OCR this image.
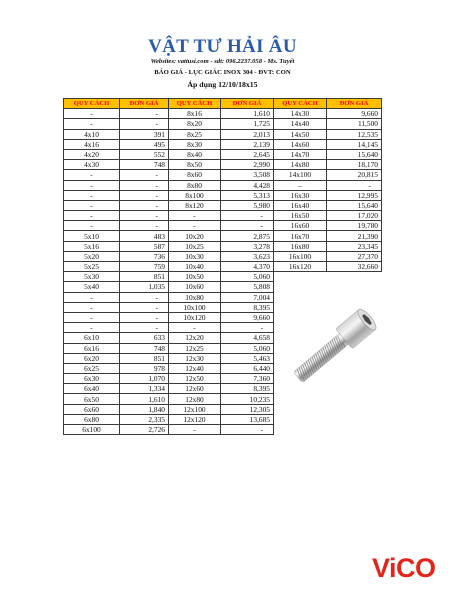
VẬT TƯ HẢI ÂU
Websites: vattusi.com - sdt: 096.2237.058 - Ms. Tuyết
BÁO GIÁ - LỤC GIÁC INOX 304 - ĐVT: CON
Áp dụng 12/10/18x15
QUY CÁCH	ĐƠN GIÁ	QUY CÁCH	ĐƠN GIÁ	QUY CÁCH	ĐƠN GIÁ
-	-	8x16	1,610	14x30	9,660
-	-	8x20	1,725	14x40	11,500
4x10	391	8x25	2,013	14x50	12,535
4x16	495	8x30	2,139	14x60	14,145
4x20	552	8x40	2,645	14x70	15,640
4x30	748	8x50	2,990	14x80	18,170
-	-	8x60	3,508	14x100	20,815
-	-	8x80	4,428	–	-
-	-	8x100	5,313	16x30	12,995
-	-	8x120	5,980	16x40	15,640
-	-	-	-	16x50	17,020
-	-	-	-	16x60	19,780
5x10	483	10x20	2,875	16x70	21,390
5x16	587	10x25	3,278	16x80	23,345
5x20	736	10x30	3,623	16x100	27,370
5x25	759	10x40	4,370	16x120	32,660
5x30	851	10x50	5,060		
5x40	1,035	10x60	5,808		
-	-	10x80	7,004		
-	-	10x100	8,395		
-	-	10x120	9,660		
-	-	-	-		
6x10	633	12x20	4,658		
6x16	748	12x25	5,060		
6x20	851	12x30	5,463		
6x25	978	12x40	6,440		
6x30	1,070	12x50	7,360		
6x40	1,334	12x60	8,395		
6x50	1,610	12x80	10,235		
6x60	1,840	12x100	12,305		
6x80	2,335	12x120	13,685		
6x100	2,726	-	-		
ViCO
